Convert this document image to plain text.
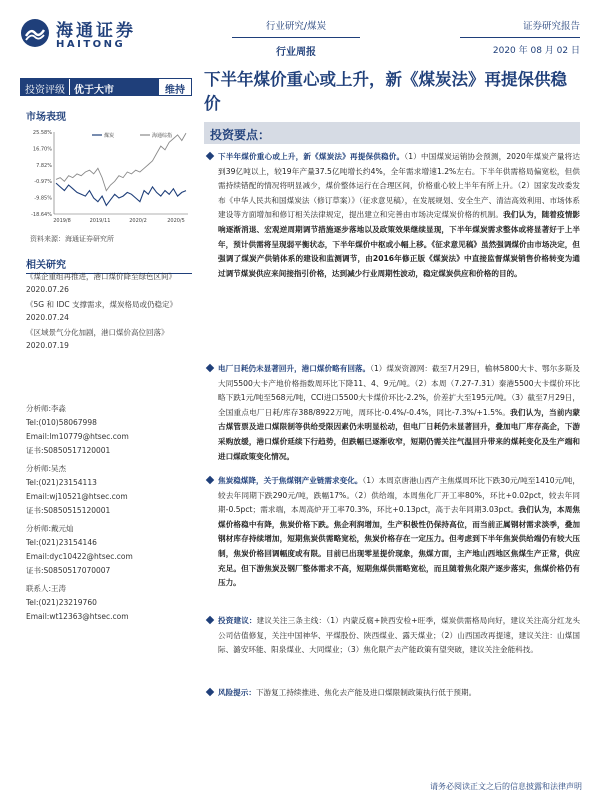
海通证券
HAITONG
行业研究/煤炭
行业周报
证券研究报告
2020 年 08 月 02 日
投资评级 优于大市	维持
市场表现
25.58%
16.70%
7.82%
-0.97%
-9.85%
-18.64%
2019/8	2019/11	2020/2	2020/5
煤炭	海通综指
资料来源：海通证券研究所
相关研究
《煤企重组再推进，港口煤价降至绿色区间》
2020.07.26
《5G 和 IDC 支撑需求，煤炭格局或仍稳定》
2020.07.24
《区域景气分化加剧，港口煤价高位回落》
2020.07.19
分析师:李淼
Tel:(010)58067998
Email:lm10779@htsec.com
证书:S0850517120001
分析师:吴杰
Tel:(021)23154113
Email:wj10521@htsec.com
证书:S0850515120001
分析师:戴元灿
Tel:(021)23154146
Email:dyc10422@htsec.com
证书:S0850517070007
联系人:王涛
Tel:(021)23219760
Email:wt12363@htsec.com
下半年煤价重心或上升，新《煤炭法》再提保供稳价
投资要点：
下半年煤价重心或上升，新《煤炭法》再提保供稳价。（1）中国煤炭运销协会预测，2020年煤炭产量将达到39亿吨以上，较19年产量37.5亿吨增长约4%，全年需求增速1.2%左右。下半年供需格局偏宽松，但供需持续错配的情况将明显减少，煤价整体运行在合理区间，价格重心较上半年有所上升。（2）国家发改委发布《中华人民共和国煤炭法（修订草案）》（征求意见稿），在发展规划、安全生产、清洁高效利用、市场体系建设等方面增加和修订相关法律规定，提出建立和完善由市场决定煤炭价格的机制。我们认为，随着疫情影响逐渐消退、宏观逆周期调节措施逐步落地以及政策效果继续显现，下半年煤炭需求整体或将显著好于上半年，预计供需将呈现弱平衡状态，下半年煤价中枢或小幅上移。《征求意见稿》虽然强调煤价由市场决定，但强调了煤炭产供销体系的建设和监测调节，由2016年修正版《煤炭法》中直接监督煤炭销售价格转变为通过调节煤炭供应来间接指引价格，达到减少行业周期性波动，稳定煤炭供应和价格的目的。
电厂日耗仍未显著回升，港口煤价略有回落。（1）煤炭资源网：截至7月29日，榆林5800大卡、鄂尔多斯及大同5500大卡产地价格指数周环比下降11、4、9元/吨。（2）本周（7.27-7.31）秦港5500大卡煤价环比略下跌1元/吨至568元/吨，CCI进口5500大卡煤价环比-2.2%，价差扩大至195元/吨。（3）截至7月29日，全国重点电厂日耗/库存388/8922万吨，周环比-0.4%/-0.4%，同比-7.3%/+1.5%。我们认为，当前内蒙古煤管票及进口煤限制等供给受限因素仍未明显松动，但电厂日耗仍未显著回升，叠加电厂库存高企，下游采购放缓，港口煤价延续下行趋势，但跌幅已逐渐收窄，短期仍需关注气温回升带来的煤耗变化及生产端和进口煤政策变化情况。
焦炭稳煤降，关于焦煤钢产业链需求变化。（1）本周京唐港山西产主焦煤周环比下跌30元/吨至1410元/吨，较去年同期下跌290元/吨，跌幅17%。（2）供给端，本周焦化厂开工率80%，环比+0.02pct，较去年同期-0.5pct；需求端，本周高炉开工率70.3%，环比+0.13pct，高于去年同期3.03pct。我们认为，本周焦煤价格稳中有降，焦炭价格下跌。焦企利润增加，生产积极性仍保持高位，而当前正属钢材需求淡季，叠加钢材库存持续增加，短期焦炭供需略宽松，焦炭价格存在一定压力。但考虑到下半年焦炭供给端仍有较大压制，焦炭价格回调幅度或有限。目前已出现零星提价现象，焦煤方面，主产地山西地区焦煤生产正常，供应充足。但下游焦炭及钢厂整体需求不高，短期焦煤供需略宽松，而且随着焦化限产逐步落实，焦煤价格仍有压力。
投资建议：建议关注三条主线：（1）内蒙反腐+陕西安检+旺季，煤炭供需格局向好，建议关注高分红龙头公司估值修复，关注中国神华、平煤股份、陕西煤业、露天煤业；（2）山西国改再提速，建议关注：山煤国际、潞安环能、阳泉煤业、大同煤业；（3）焦化限产去产能政策有望突破，建议关注金能科技。
风险提示：下游复工持续推进、焦化去产能及进口煤限制政策执行低于预期。
请务必阅读正文之后的信息披露和法律声明
